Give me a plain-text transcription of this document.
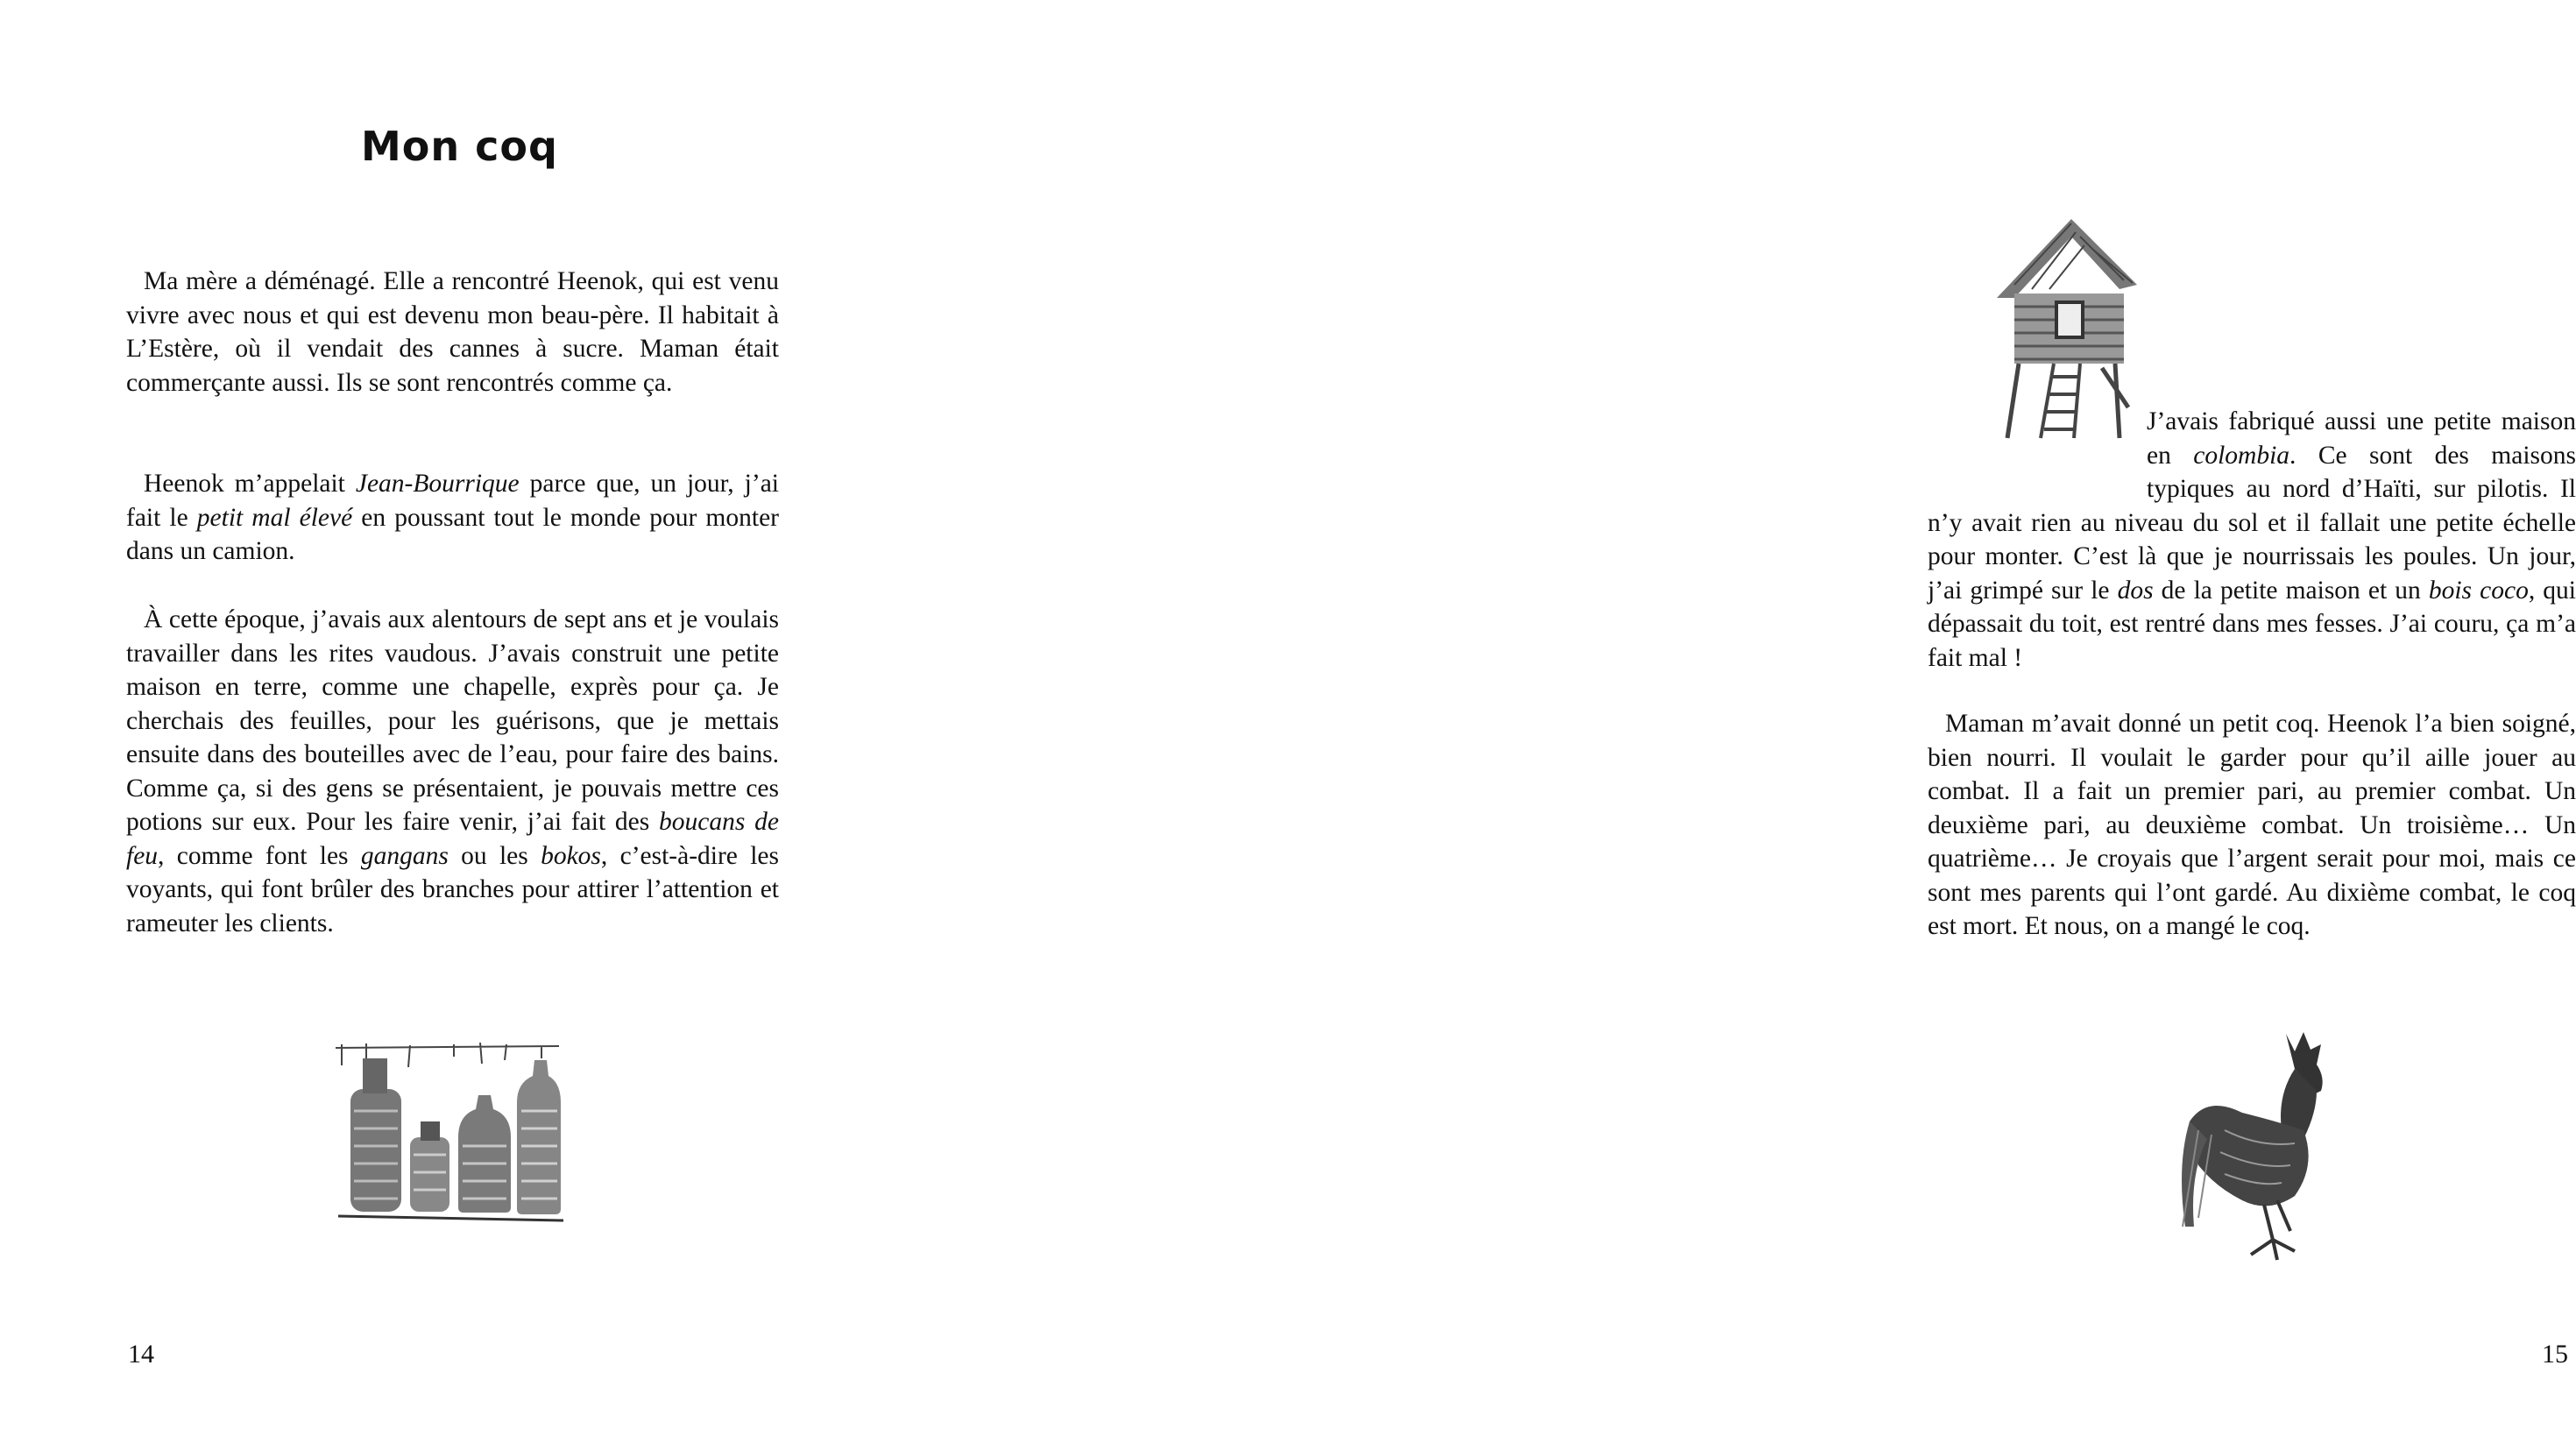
Mon coq

Ma mère a déménagé. Elle a rencontré Heenok, qui est venu vivre avec nous et qui est devenu mon beau-père. Il habitait à L’Estère, où il vendait des cannes à sucre. Maman était commerçante aussi. Ils se sont rencontrés comme ça.

Heenok m’appelait Jean-Bourrique parce que, un jour, j’ai fait le petit mal élevé en poussant tout le monde pour monter dans un camion.

À cette époque, j’avais aux alentours de sept ans et je voulais travailler dans les rites vaudous. J’avais construit une petite maison en terre, comme une chapelle, exprès pour ça. Je cherchais des feuilles, pour les guérisons, que je mettais ensuite dans des bouteilles avec de l’eau, pour faire des bains. Comme ça, si des gens se présentaient, je pouvais mettre ces potions sur eux. Pour les faire venir, j’ai fait des boucans de feu, comme font les gangans ou les bokos, c’est-à-dire les voyants, qui font brûler des branches pour attirer l’attention et rameuter les clients.

14

J’avais fabriqué aussi une petite maison en colombia. Ce sont des maisons typiques au nord d’Haïti, sur pilotis. Il n’y avait rien au niveau du sol et il fallait une petite échelle pour monter. C’est là que je nourrissais les poules. Un jour, j’ai grimpé sur le dos de la petite maison et un bois coco, qui dépassait du toit, est rentré dans mes fesses. J’ai couru, ça m’a fait mal !

Maman m’avait donné un petit coq. Heenok l’a bien soigné, bien nourri. Il voulait le garder pour qu’il aille jouer au combat. Il a fait un premier pari, au premier combat. Un deuxième pari, au deuxième combat. Un troisième… Un quatrième… Je croyais que l’argent serait pour moi, mais ce sont mes parents qui l’ont gardé. Au dixième combat, le coq est mort. Et nous, on a mangé le coq.

15
